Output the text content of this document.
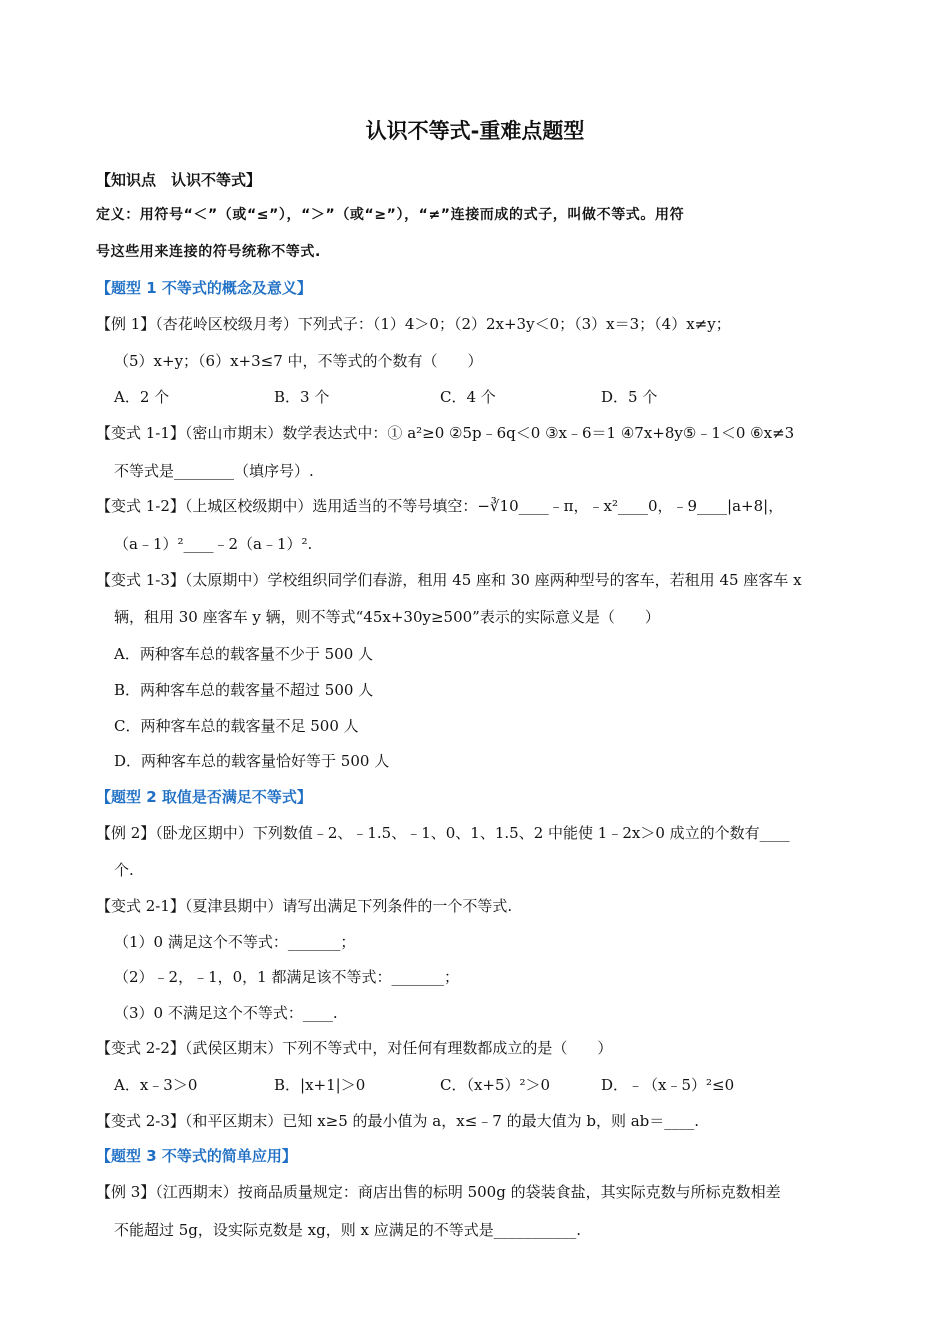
认识不等式-重难点题型
【知识点　认识不等式】
定义：用符号“＜”（或“≤”），“＞”（或“≥”），“≠”连接而成的式子，叫做不等式。用符
号这些用来连接的符号统称不等式.
【题型 1 不等式的概念及意义】
【例 1】（杏花岭区校级月考）下列式子：（1）4＞0；（2）2x+3y＜0；（3）x＝3；（4）x≠y；
（5）x+y；（6）x+3≤7 中，不等式的个数有（　　）
A．2 个	B．3 个	C．4 个	D．5 个
【变式 1-1】（密山市期末）数学表达式中：① a²≥0 ②5p﹣6q＜0 ③x﹣6＝1 ④7x+8y⑤﹣1＜0 ⑥x≠3
不等式是________（填序号）.
【变式 1-2】（上城区校级期中）选用适当的不等号填空：−∛10____﹣π，﹣x²____0，﹣9____|a+8|，
（a﹣1）²____﹣2（a﹣1）².
【变式 1-3】（太原期中）学校组织同学们春游，租用 45 座和 30 座两种型号的客车，若租用 45 座客车 x
辆，租用 30 座客车 y 辆，则不等式“45x+30y≥500”表示的实际意义是（　　）
A．两种客车总的载客量不少于 500 人
B．两种客车总的载客量不超过 500 人
C．两种客车总的载客量不足 500 人
D．两种客车总的载客量恰好等于 500 人
【题型 2 取值是否满足不等式】
【例 2】（卧龙区期中）下列数值﹣2、﹣1.5、﹣1、0、1、1.5、2 中能使 1﹣2x＞0 成立的个数有____
个.
【变式 2-1】（夏津县期中）请写出满足下列条件的一个不等式.
（1）0 满足这个不等式：_______；
（2）﹣2，﹣1，0，1 都满足该不等式：_______；
（3）0 不满足这个不等式：____.
【变式 2-2】（武侯区期末）下列不等式中，对任何有理数都成立的是（　　）
A．x﹣3＞0	B．|x+1|＞0	C．（x+5）²＞0	D．﹣（x﹣5）²≤0
【变式 2-3】（和平区期末）已知 x≥5 的最小值为 a，x≤﹣7 的最大值为 b，则 ab＝____.
【题型 3 不等式的简单应用】
【例 3】（江西期末）按商品质量规定：商店出售的标明 500g 的袋装食盐，其实际克数与所标克数相差
不能超过 5g，设实际克数是 xg，则 x 应满足的不等式是___________.
